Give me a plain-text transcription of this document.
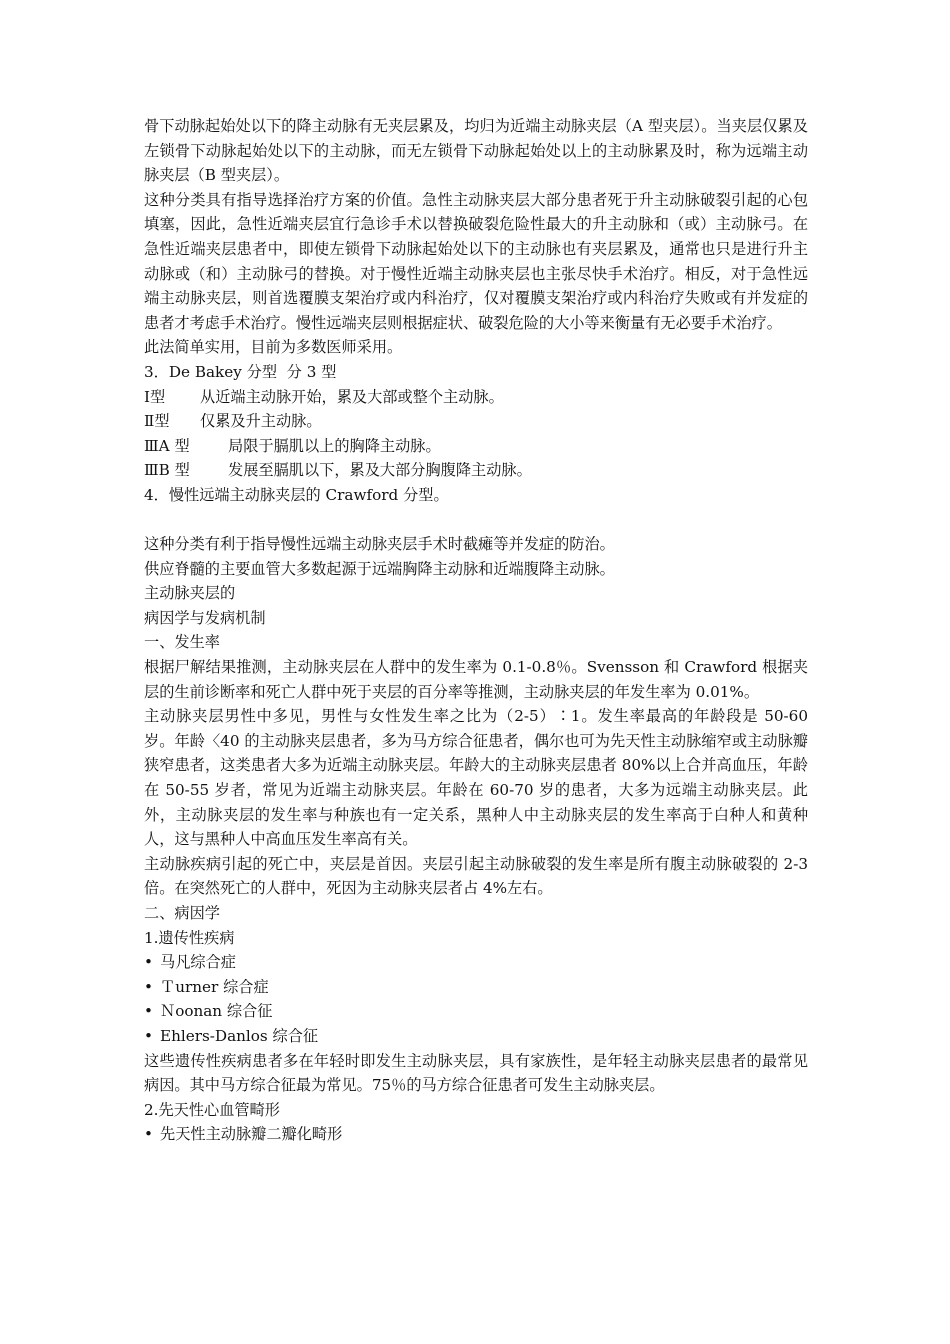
骨下动脉起始处以下的降主动脉有无夹层累及，均归为近端主动脉夹层（A 型夹层）。当夹层仅累及左锁骨下动脉起始处以下的主动脉，而无左锁骨下动脉起始处以上的主动脉累及时，称为远端主动脉夹层（B 型夹层）。

这种分类具有指导选择治疗方案的价值。急性主动脉夹层大部分患者死于升主动脉破裂引起的心包填塞，因此，急性近端夹层宜行急诊手术以替换破裂危险性最大的升主动脉和（或）主动脉弓。在急性近端夹层患者中，即使左锁骨下动脉起始处以下的主动脉也有夹层累及，通常也只是进行升主动脉或（和）主动脉弓的替换。对于慢性近端主动脉夹层也主张尽快手术治疗。相反，对于急性远端主动脉夹层，则首选覆膜支架治疗或内科治疗，仅对覆膜支架治疗或内科治疗失败或有并发症的患者才考虑手术治疗。慢性远端夹层则根据症状、破裂危险的大小等来衡量有无必要手术治疗。

此法简单实用，目前为多数医师采用。

3．De Bakey 分型  分 3 型

Ⅰ型	从近端主动脉开始，累及大部或整个主动脉。
Ⅱ型	仅累及升主动脉。
ⅢA 型	局限于膈肌以上的胸降主动脉。
ⅢB 型	发展至膈肌以下，累及大部分胸腹降主动脉。

4．慢性远端主动脉夹层的 Crawford 分型。

这种分类有利于指导慢性远端主动脉夹层手术时截瘫等并发症的防治。

供应脊髓的主要血管大多数起源于远端胸降主动脉和近端腹降主动脉。

主动脉夹层的

病因学与发病机制

一、发生率

根据尸解结果推测，主动脉夹层在人群中的发生率为 0.1-0.8％。Svensson 和 Crawford 根据夹层的生前诊断率和死亡人群中死于夹层的百分率等推测，主动脉夹层的年发生率为 0.01%。

主动脉夹层男性中多见，男性与女性发生率之比为（2-5）∶1。发生率最高的年龄段是 50-60 岁。年龄〈40 的主动脉夹层患者，多为马方综合征患者，偶尔也可为先天性主动脉缩窄或主动脉瓣狭窄患者，这类患者大多为近端主动脉夹层。年龄大的主动脉夹层患者 80%以上合并高血压，年龄在 50-55 岁者，常见为近端主动脉夹层。年龄在 60-70 岁的患者，大多为远端主动脉夹层。此外，主动脉夹层的发生率与种族也有一定关系，黑种人中主动脉夹层的发生率高于白种人和黄种人，这与黑种人中高血压发生率高有关。

主动脉疾病引起的死亡中，夹层是首因。夹层引起主动脉破裂的发生率是所有腹主动脉破裂的 2-3 倍。在突然死亡的人群中，死因为主动脉夹层者占 4%左右。

二、病因学

1.遗传性疾病

• 马凡综合症

• Ｔurner 综合症

• Ｎoonan 综合征

• Ehlers-Danlos 综合征

这些遗传性疾病患者多在年轻时即发生主动脉夹层，具有家族性，是年轻主动脉夹层患者的最常见病因。其中马方综合征最为常见。75％的马方综合征患者可发生主动脉夹层。

2.先天性心血管畸形

• 先天性主动脉瓣二瓣化畸形
